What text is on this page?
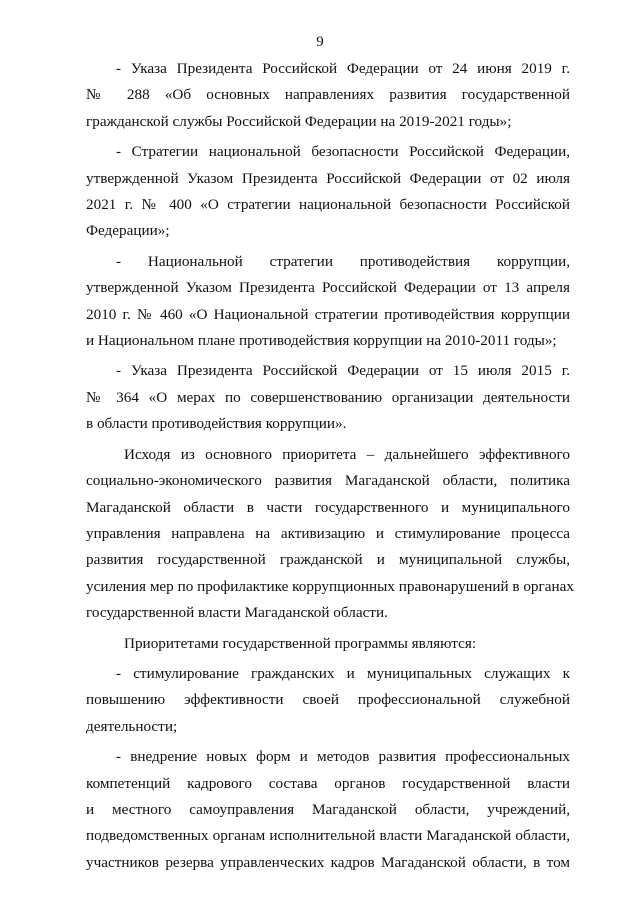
9

- Указа Президента Российской Федерации от 24 июня 2019 г.
№ 288 «Об основных направлениях развития государственной
гражданской службы Российской Федерации на 2019-2021 годы»;

- Стратегии национальной безопасности Российской Федерации,
утвержденной Указом Президента Российской Федерации от 02 июля
2021 г. № 400 «О стратегии национальной безопасности Российской
Федерации»;

- Национальной стратегии противодействия коррупции,
утвержденной Указом Президента Российской Федерации от 13 апреля
2010 г. № 460 «О Национальной стратегии противодействия коррупции
и Национальном плане противодействия коррупции на 2010-2011 годы»;

- Указа Президента Российской Федерации от 15 июля 2015 г.
№ 364 «О мерах по совершенствованию организации деятельности
в области противодействия коррупции».

Исходя из основного приоритета – дальнейшего эффективного
социально-экономического развития Магаданской области, политика
Магаданской области в части государственного и муниципального
управления направлена на активизацию и стимулирование процесса
развития государственной гражданской и муниципальной службы,
усиления мер по профилактике коррупционных правонарушений в органах
государственной власти Магаданской области.

Приоритетами государственной программы являются:

- стимулирование гражданских и муниципальных служащих к
повышению эффективности своей профессиональной служебной
деятельности;

- внедрение новых форм и методов развития профессиональных
компетенций кадрового состава органов государственной власти
и местного самоуправления Магаданской области, учреждений,
подведомственных органам исполнительной власти Магаданской области,
участников резерва управленческих кадров Магаданской области, в том
